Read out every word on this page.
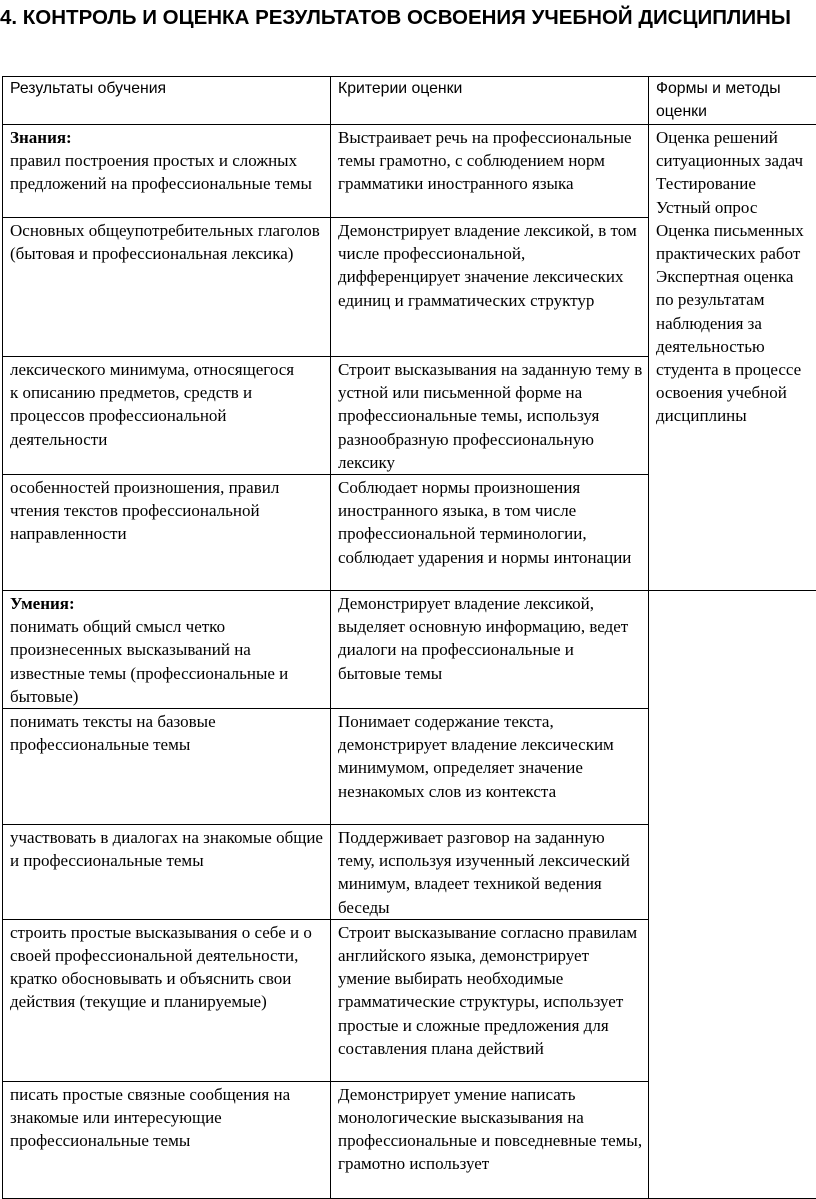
4. КОНТРОЛЬ И ОЦЕНКА РЕЗУЛЬТАТОВ ОСВОЕНИЯ УЧЕБНОЙ ДИСЦИПЛИНЫ
Результаты обучения	Критерии оценки	Формы и методы оценки

Знания:
правил построения простых и сложных предложений на профессиональные темы	Выстраивает речь на профессиональные темы грамотно, с соблюдением норм грамматики иностранного языка	Оценка решений ситуационных задач
Тестирование
Устный опрос
Оценка письменных практических работ
Экспертная оценка по результатам наблюдения за деятельностью студента в процессе освоения учебной дисциплины

Основных общеупотребительных глаголов (бытовая и профессиональная лексика)	Демонстрирует владение лексикой, в том числе профессиональной, дифференцирует значение лексических единиц и грамматических структур	

лексического минимума, относящегося
к описанию предметов, средств и процессов профессиональной деятельности	Строит высказывания на заданную тему в устной или письменной форме на профессиональные темы, используя разнообразную профессиональную лексику	

особенностей произношения, правил чтения текстов профессиональной направленности	Соблюдает нормы произношения иностранного языка, в том числе профессиональной терминологии, соблюдает ударения и нормы интонации	

Умения:
понимать общий смысл четко произнесенных высказываний на известные темы (профессиональные и бытовые)	Демонстрирует владение лексикой, выделяет основную информацию, ведет диалоги на профессиональные и
бытовые темы	

понимать тексты на базовые профессиональные темы	Понимает содержание текста, демонстрирует владение лексическим минимумом, определяет значение незнакомых слов из контекста	

участвовать в диалогах на знакомые общие и профессиональные темы	Поддерживает разговор на заданную тему, используя изученный лексический минимум, владеет техникой ведения беседы	

строить простые высказывания о себе и о своей профессиональной деятельности, кратко обосновывать и объяснить свои действия (текущие и планируемые)	Строит высказывание согласно правилам английского языка, демонстрирует умение выбирать необходимые грамматические структуры, использует простые и сложные предложения для составления плана действий	

писать простые связные сообщения на знакомые или интересующие профессиональные темы	Демонстрирует умение написать монологические высказывания на профессиональные и повседневные темы, грамотно использует	
